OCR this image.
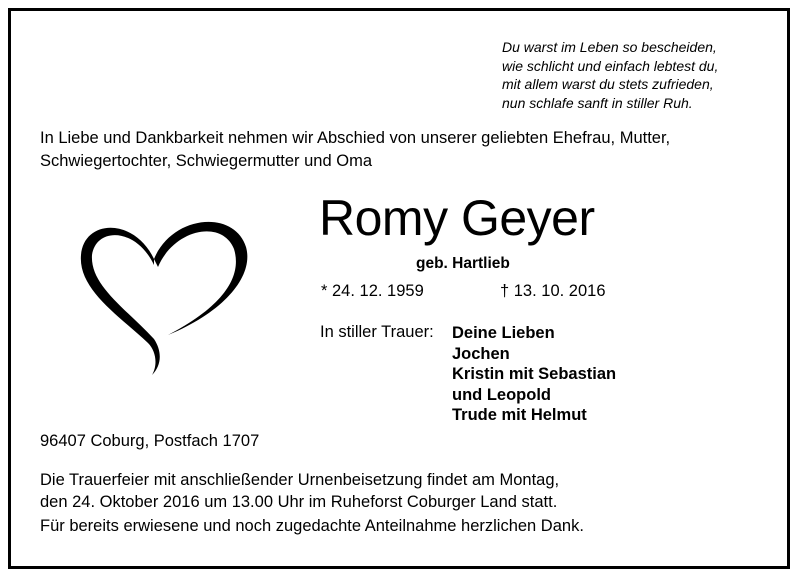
Du warst im Leben so bescheiden,
wie schlicht und einfach lebtest du,
mit allem warst du stets zufrieden,
nun schlafe sanft in stiller Ruh.
In Liebe und Dankbarkeit nehmen wir Abschied von unserer geliebten Ehefrau, Mutter,
Schwiegertochter, Schwiegermutter und Oma
Romy Geyer
geb. Hartlieb
* 24. 12. 1959	† 13. 10. 2016
In stiller Trauer: Deine Lieben
Jochen
Kristin mit Sebastian
und Leopold
Trude mit Helmut
96407 Coburg, Postfach 1707
Die Trauerfeier mit anschließender Urnenbeisetzung findet am Montag,
den 24. Oktober 2016 um 13.00 Uhr im Ruheforst Coburger Land statt.
Für bereits erwiesene und noch zugedachte Anteilnahme herzlichen Dank.
